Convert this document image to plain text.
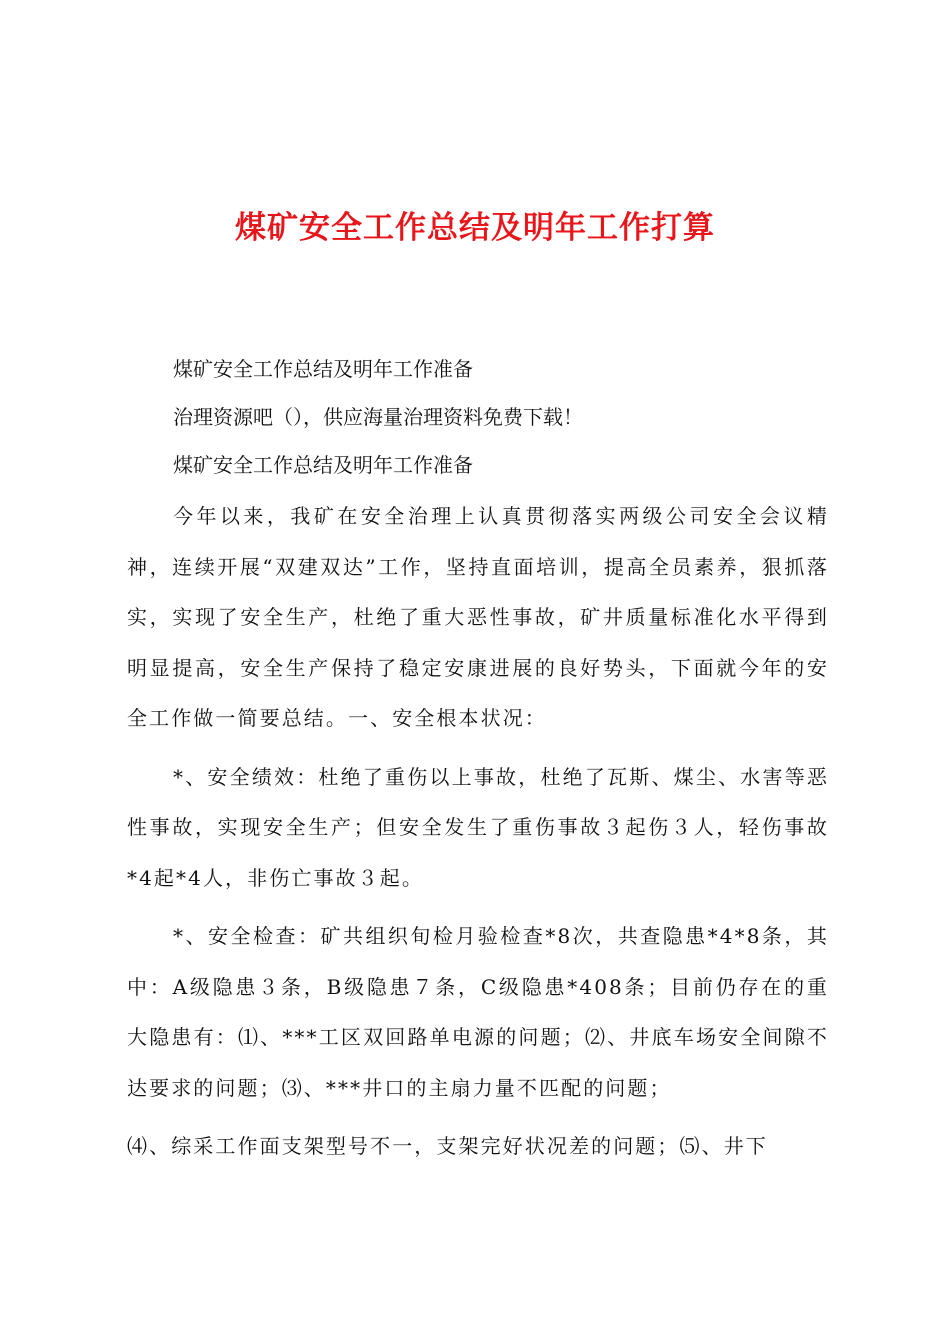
煤矿安全工作总结及明年工作打算

煤矿安全工作总结及明年工作准备

治理资源吧（），供应海量治理资料免费下载！

煤矿安全工作总结及明年工作准备

今年以来，我矿在安全治理上认真贯彻落实两级公司安全会议精神，连续开展“双建双达”工作，坚持直面培训，提高全员素养，狠抓落实，实现了安全生产，杜绝了重大恶性事故，矿井质量标准化水平得到明显提高，安全生产保持了稳定安康进展的良好势头，下面就今年的安全工作做一简要总结。一、安全根本状况：

*、安全绩效：杜绝了重伤以上事故，杜绝了瓦斯、煤尘、水害等恶性事故，实现安全生产；但安全发生了重伤事故３起伤３人，轻伤事故*4起*4人，非伤亡事故３起。

*、安全检查：矿共组织旬检月验检查*8次，共查隐患*4*8条，其中：A级隐患３条，B级隐患７条，C级隐患*408条；目前仍存在的重大隐患有：⑴、***工区双回路单电源的问题；⑵、井底车场安全间隙不达要求的问题；⑶、***井口的主扇力量不匹配的问题；

⑷、综采工作面支架型号不一，支架完好状况差的问题；⑸、井下
